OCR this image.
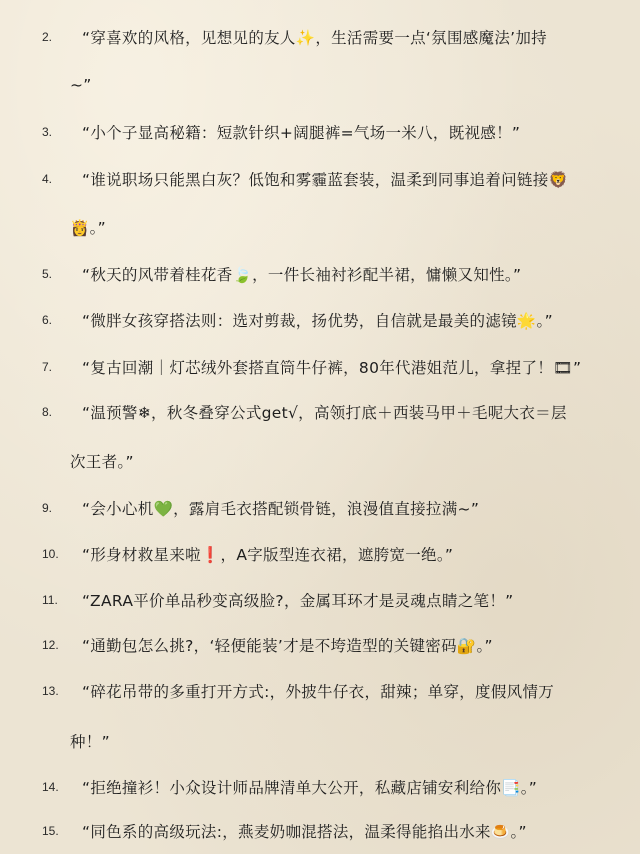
2.	“穿喜欢的风格，见想见的友人✨，生活需要一点‘氛围感魔法’加持
~”
3.	“小个子显高秘籍：短款针织+阔腿裤=气场一米八，既视感！”
4.	“谁说职场只能黑白灰？低饱和雾霾蓝套装，温柔到同事追着问链接🦁
👸。”
5.	“秋天的风带着桂花香🍃，一件长袖衬衫配半裙，慵懒又知性。”
6.	“微胖女孩穿搭法则：选对剪裁，扬优势，自信就是最美的滤镜🌟。”
7.	“复古回潮｜灯芯绒外套搭直筒牛仔裤，80年代港姐范儿，拿捏了！🎞”
8.	“温预警❄，秋冬叠穿公式get√，高领打底＋西装马甲＋毛呢大衣＝层
次王者。”
9.	“会小心机💚，露肩毛衣搭配锁骨链，浪漫值直接拉满~”
10.	“形身材救星来啦❗，A字版型连衣裙，遮胯宽一绝。”
11.	“ZARA平价单品秒变高级脸?，金属耳环才是灵魂点睛之笔！”
12.	“通勤包怎么挑?，‘轻便能装’才是不垮造型的关键密码🔐。”
13.	“碎花吊带的多重打开方式:，外披牛仔衣，甜辣；单穿，度假风情万
种！”
14.	“拒绝撞衫！小众设计师品牌清单大公开，私藏店铺安利给你📑。”
15.	“同色系的高级玩法:，燕麦奶咖混搭法，温柔得能掐出水来🍮。”
